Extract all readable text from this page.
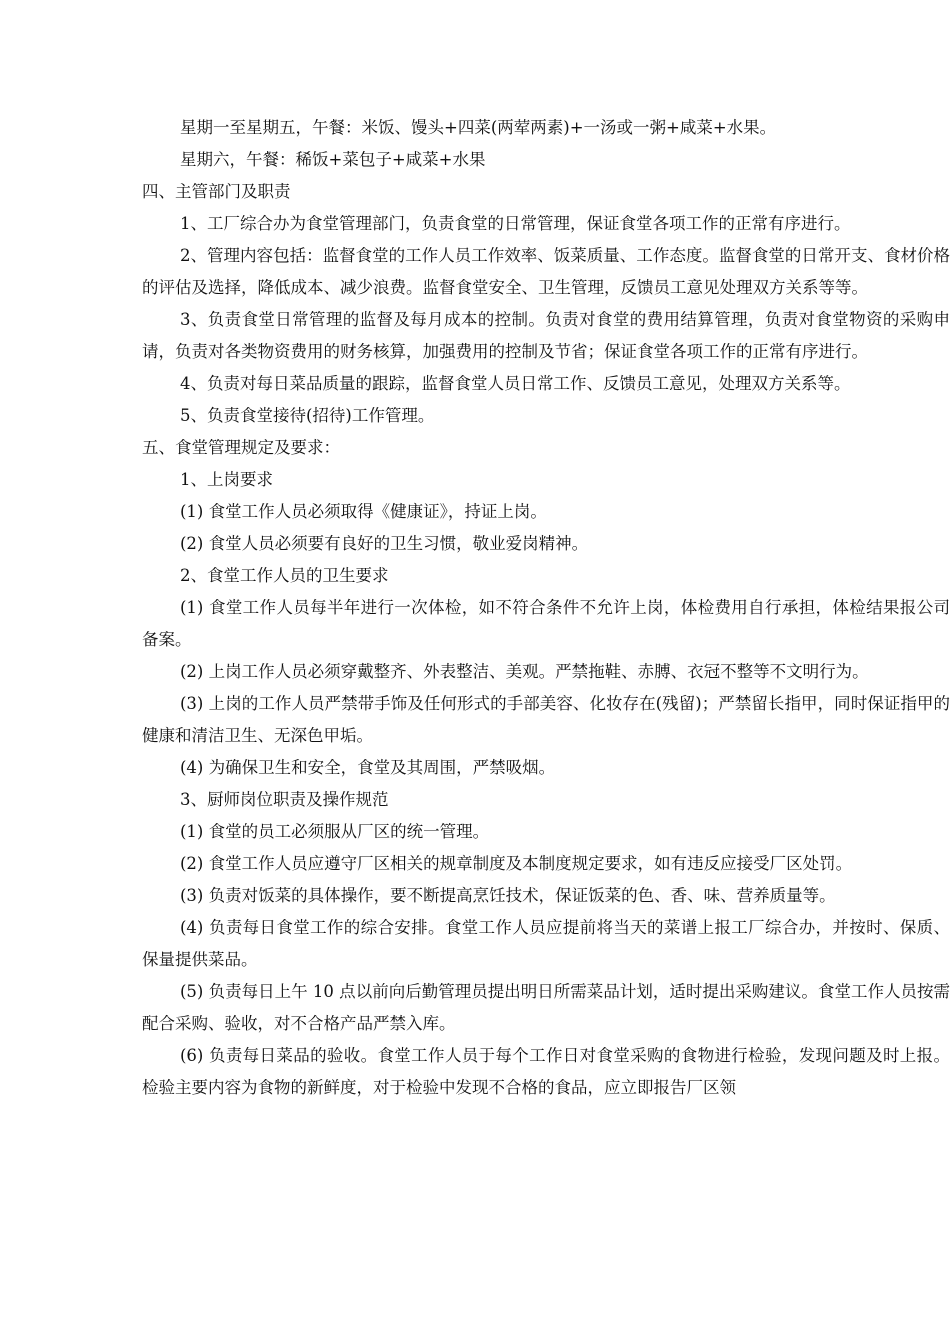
星期一至星期五，午餐：米饭、馒头+四菜(两荤两素)+一汤或一粥+咸菜+水果。

星期六，午餐：稀饭+菜包子+咸菜+水果

四、主管部门及职责

1、工厂综合办为食堂管理部门，负责食堂的日常管理，保证食堂各项工作的正常有序进行。

2、管理内容包括：监督食堂的工作人员工作效率、饭菜质量、工作态度。监督食堂的日常开支、食材价格的评估及选择，降低成本、减少浪费。监督食堂安全、卫生管理，反馈员工意见处理双方关系等等。

3、负责食堂日常管理的监督及每月成本的控制。负责对食堂的费用结算管理，负责对食堂物资的采购申请，负责对各类物资费用的财务核算，加强费用的控制及节省；保证食堂各项工作的正常有序进行。

4、负责对每日菜品质量的跟踪，监督食堂人员日常工作、反馈员工意见，处理双方关系等。

5、负责食堂接待(招待)工作管理。

五、食堂管理规定及要求：

1、上岗要求

(1) 食堂工作人员必须取得《健康证》，持证上岗。

(2) 食堂人员必须要有良好的卫生习惯，敬业爱岗精神。

2、食堂工作人员的卫生要求

(1) 食堂工作人员每半年进行一次体检，如不符合条件不允许上岗，体检费用自行承担，体检结果报公司备案。

(2) 上岗工作人员必须穿戴整齐、外表整洁、美观。严禁拖鞋、赤膊、衣冠不整等不文明行为。

(3) 上岗的工作人员严禁带手饰及任何形式的手部美容、化妆存在(残留)；严禁留长指甲，同时保证指甲的健康和清洁卫生、无深色甲垢。

(4) 为确保卫生和安全，食堂及其周围，严禁吸烟。

3、厨师岗位职责及操作规范

(1) 食堂的员工必须服从厂区的统一管理。

(2) 食堂工作人员应遵守厂区相关的规章制度及本制度规定要求，如有违反应接受厂区处罚。

(3) 负责对饭菜的具体操作，要不断提高烹饪技术，保证饭菜的色、香、味、营养质量等。

(4) 负责每日食堂工作的综合安排。食堂工作人员应提前将当天的菜谱上报工厂综合办，并按时、保质、保量提供菜品。

(5) 负责每日上午 10 点以前向后勤管理员提出明日所需菜品计划，适时提出采购建议。食堂工作人员按需配合采购、验收，对不合格产品严禁入库。

(6) 负责每日菜品的验收。食堂工作人员于每个工作日对食堂采购的食物进行检验，发现问题及时上报。检验主要内容为食物的新鲜度，对于检验中发现不合格的食品，应立即报告厂区领
